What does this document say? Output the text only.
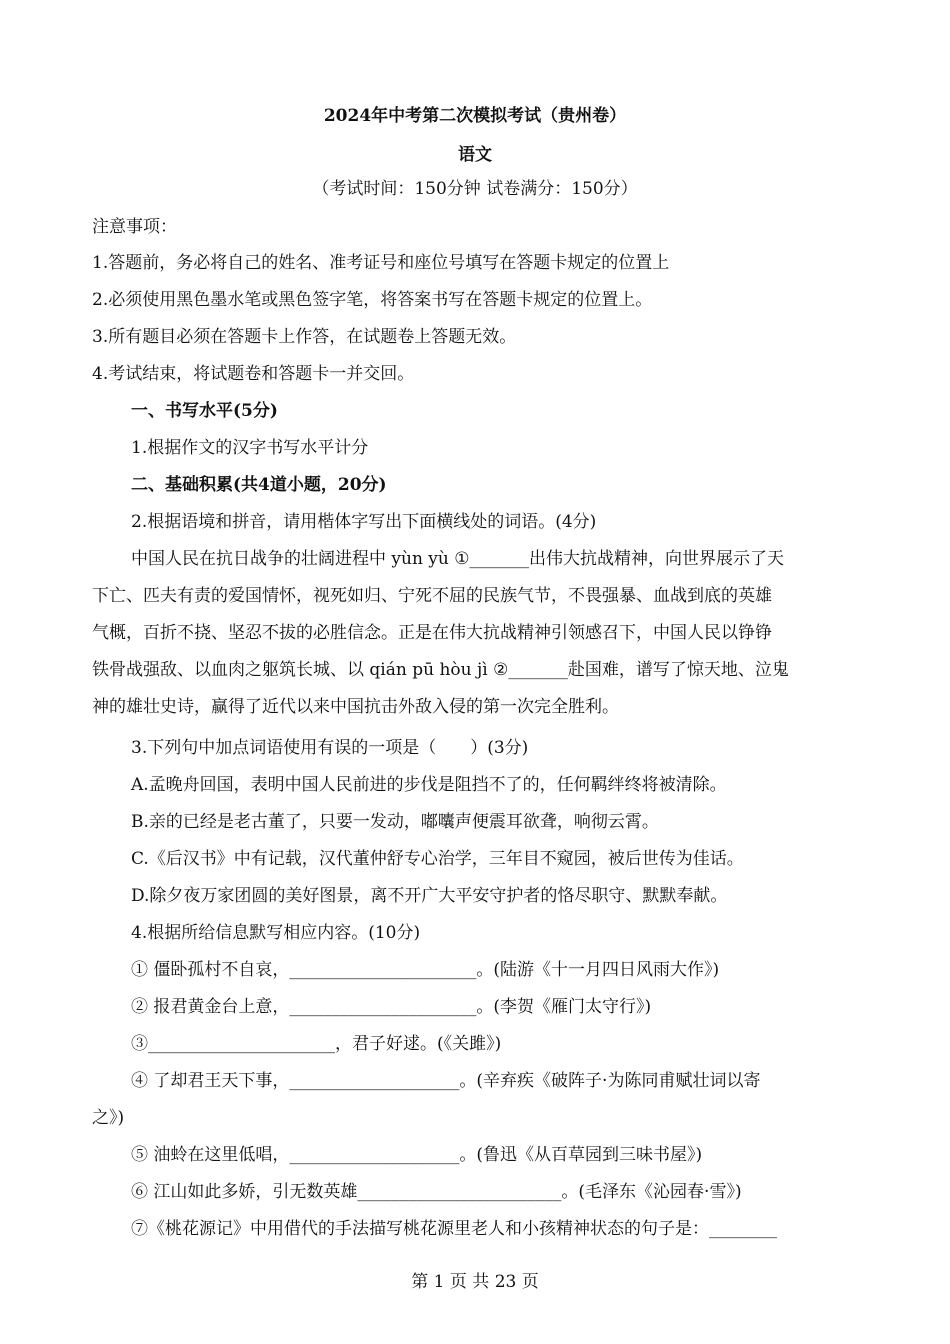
2024年中考第二次模拟考试（贵州卷）
语文
（考试时间：150分钟 试卷满分：150分）
注意事项：
1.答题前，务必将自己的姓名、准考证号和座位号填写在答题卡规定的位置上
2.必须使用黑色墨水笔或黑色签字笔，将答案书写在答题卡规定的位置上。
3.所有题目必须在答题卡上作答，在试题卷上答题无效。
4.考试结束，将试题卷和答题卡一并交回。
一、书写水平(5分)
1.根据作文的汉字书写水平计分
二、基础积累(共4道小题，20分)
2.根据语境和拼音，请用楷体字写出下面横线处的词语。(4分)
中国人民在抗日战争的壮阔进程中 yùn yù ①_______出伟大抗战精神，向世界展示了天
下亡、匹夫有责的爱国情怀，视死如归、宁死不屈的民族气节，不畏强暴、血战到底的英雄
气概，百折不挠、坚忍不拔的必胜信念。正是在伟大抗战精神引领感召下，中国人民以铮铮
铁骨战强敌、以血肉之躯筑长城、以 qián pū hòu jì ②_______赴国难，谱写了惊天地、泣鬼
神的雄壮史诗，赢得了近代以来中国抗击外敌入侵的第一次完全胜利。
3.下列句中加点词语使用有误的一项是（　　）(3分)
A.孟晚舟回国，表明中国人民前进的步伐是阻挡不了的，任何羁绊终将被清除。
B.亲的已经是老古董了，只要一发动，嘟囔声便震耳欲聋，响彻云霄。
C.《后汉书》中有记载，汉代董仲舒专心治学，三年目不窥园，被后世传为佳话。
D.除夕夜万家团圆的美好图景，离不开广大平安守护者的恪尽职守、默默奉献。
4.根据所给信息默写相应内容。(10分)
① 僵卧孤村不自哀，______________________。(陆游《十一月四日风雨大作》)
② 报君黄金台上意，______________________。(李贺《雁门太守行》)
③______________________，君子好逑。(《关雎》)
④ 了却君王天下事，____________________。(辛弃疾《破阵子·为陈同甫赋壮词以寄
之》)
⑤ 油蛉在这里低唱，____________________。(鲁迅《从百草园到三味书屋》)
⑥ 江山如此多娇，引无数英雄________________________。(毛泽东《沁园春·雪》)
⑦《桃花源记》中用借代的手法描写桃花源里老人和小孩精神状态的句子是：________
第 1 页 共 23 页
